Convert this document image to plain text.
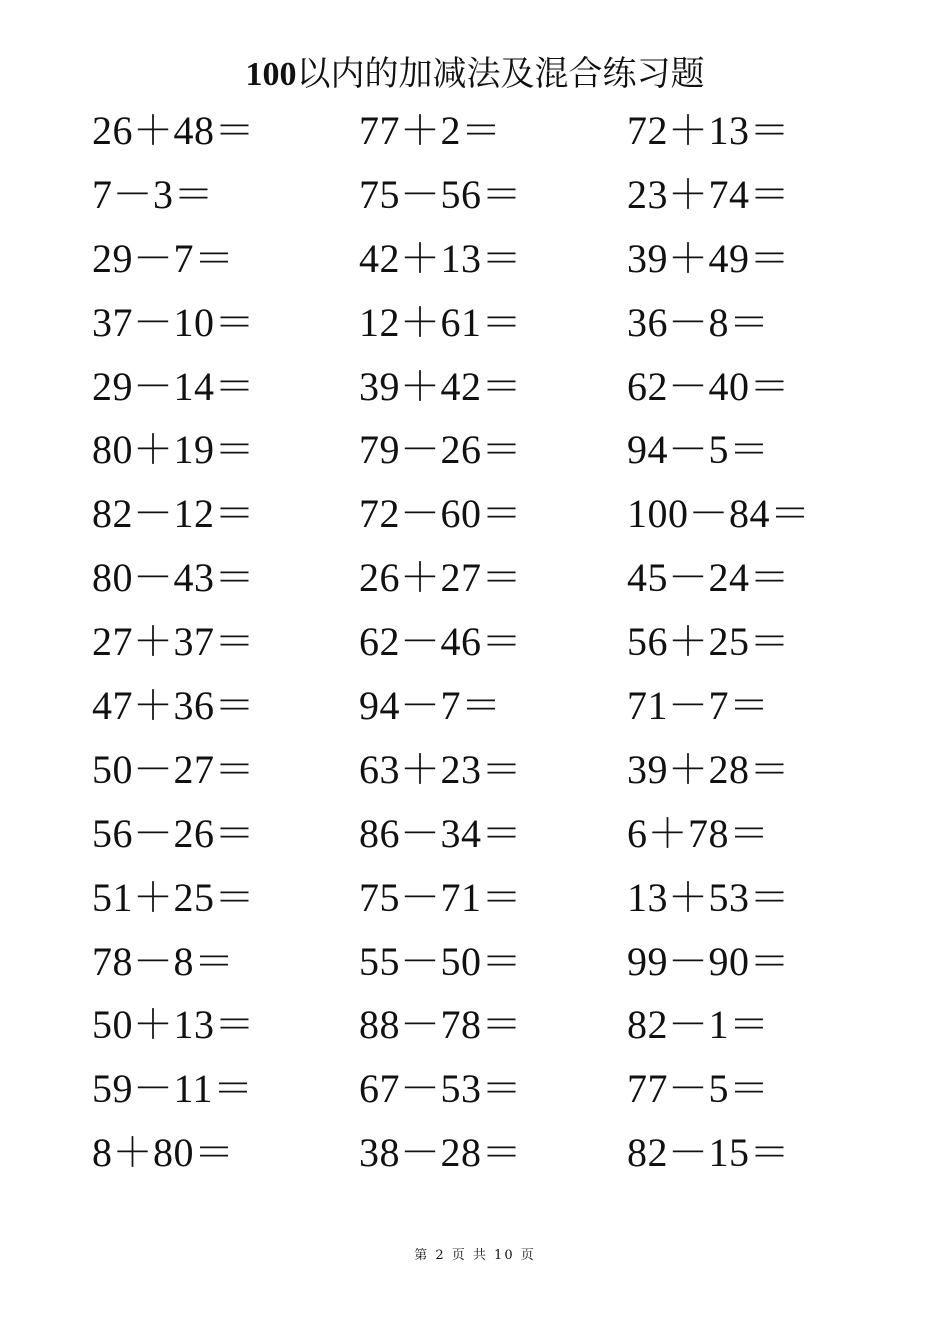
100以内的加减法及混合练习题
26＋48＝	77＋2＝	72＋13＝
7－3＝	75－56＝	23＋74＝
29－7＝	42＋13＝	39＋49＝
37－10＝	12＋61＝	36－8＝
29－14＝	39＋42＝	62－40＝
80＋19＝	79－26＝	94－5＝
82－12＝	72－60＝	100－84＝
80－43＝	26＋27＝	45－24＝
27＋37＝	62－46＝	56＋25＝
47＋36＝	94－7＝	71－7＝
50－27＝	63＋23＝	39＋28＝
56－26＝	86－34＝	6＋78＝
51＋25＝	75－71＝	13＋53＝
78－8＝	55－50＝	99－90＝
50＋13＝	88－78＝	82－1＝
59－11＝	67－53＝	77－5＝
8＋80＝	38－28＝	82－15＝
第 2 页 共 10 页
